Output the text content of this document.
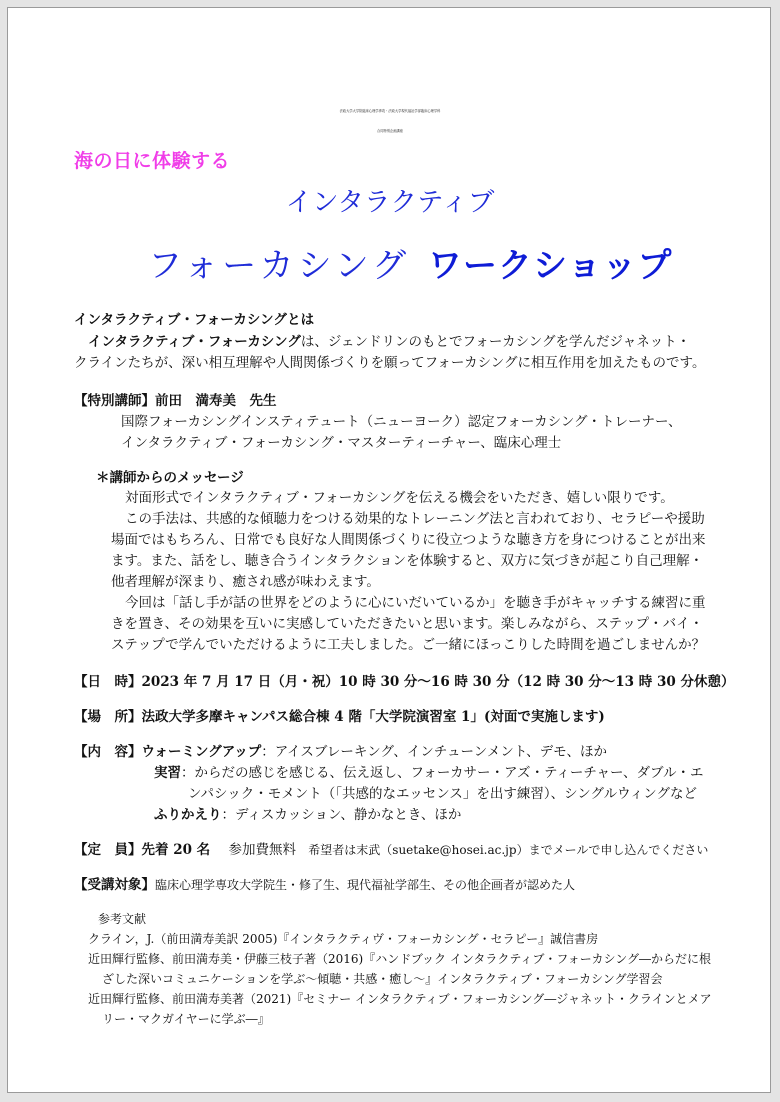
法政大学大学院臨床心理学専攻・法政大学現代福祉学部臨床心理学科
合同特別企画講座
海の日に体験する
インタラクティブ
フォーカシング ワークショップ
インタラクティブ・フォーカシングとは
インタラクティブ・フォーカシングは、ジェンドリンのもとでフォーカシングを学んだジャネット・
クラインたちが、深い相互理解や人間関係づくりを願ってフォーカシングに相互作用を加えたものです。
【特別講師】前田　満寿美　先生
国際フォーカシングインスティテュート（ニューヨーク）認定フォーカシング・トレーナー、
インタラクティブ・フォーカシング・マスターティーチャー、臨床心理士
＊講師からのメッセージ
対面形式でインタラクティブ・フォーカシングを伝える機会をいただき、嬉しい限りです。
この手法は、共感的な傾聴力をつける効果的なトレーニング法と言われており、セラピーや援助
場面ではもちろん、日常でも良好な人間関係づくりに役立つような聴き方を身につけることが出来
ます。また、話をし、聴き合うインタラクションを体験すると、双方に気づきが起こり自己理解・
他者理解が深まり、癒され感が味わえます。
今回は「話し手が話の世界をどのように心にいだいているか」を聴き手がキャッチする練習に重
きを置き、その効果を互いに実感していただきたいと思います。楽しみながら、ステップ・バイ・
ステップで学んでいただけるように工夫しました。ご一緒にほっこりした時間を過ごしませんか？
【日　時】2023 年 7 月 17 日（月・祝）10 時 30 分〜16 時 30 分（12 時 30 分〜13 時 30 分休憩）
【場　所】法政大学多摩キャンパス総合棟 4 階「大学院演習室 1」(対面で実施します)
【内　容】ウォーミングアップ：アイスブレーキング、インチューンメント、デモ、ほか
実習：からだの感じを感じる、伝え返し、フォーカサー・アズ・ティーチャー、ダブル・エ
ンパシック・モメント（「共感的なエッセンス」を出す練習）、シングルウィングなど
ふりかえり：ディスカッション、静かなとき、ほか
【定　員】先着 20 名 参加費無料 希望者は末武（suetake@hosei.ac.jp）までメールで申し込んでください
【受講対象】臨床心理学専攻大学院生・修了生、現代福祉学部生、その他企画者が認めた人
参考文献
クライン，J.（前田満寿美訳 2005)『インタラクティヴ・フォーカシング・セラピー』誠信書房
近田輝行監修、前田満寿美・伊藤三枝子著（2016)『ハンドブック インタラクティブ・フォーカシング―からだに根
ざした深いコミュニケーションを学ぶ〜傾聴・共感・癒し〜』インタラクティブ・フォーカシング学習会
近田輝行監修、前田満寿美著（2021)『セミナー インタラクティブ・フォーカシング―ジャネット・クラインとメア
リー・マクガイヤーに学ぶ―』
